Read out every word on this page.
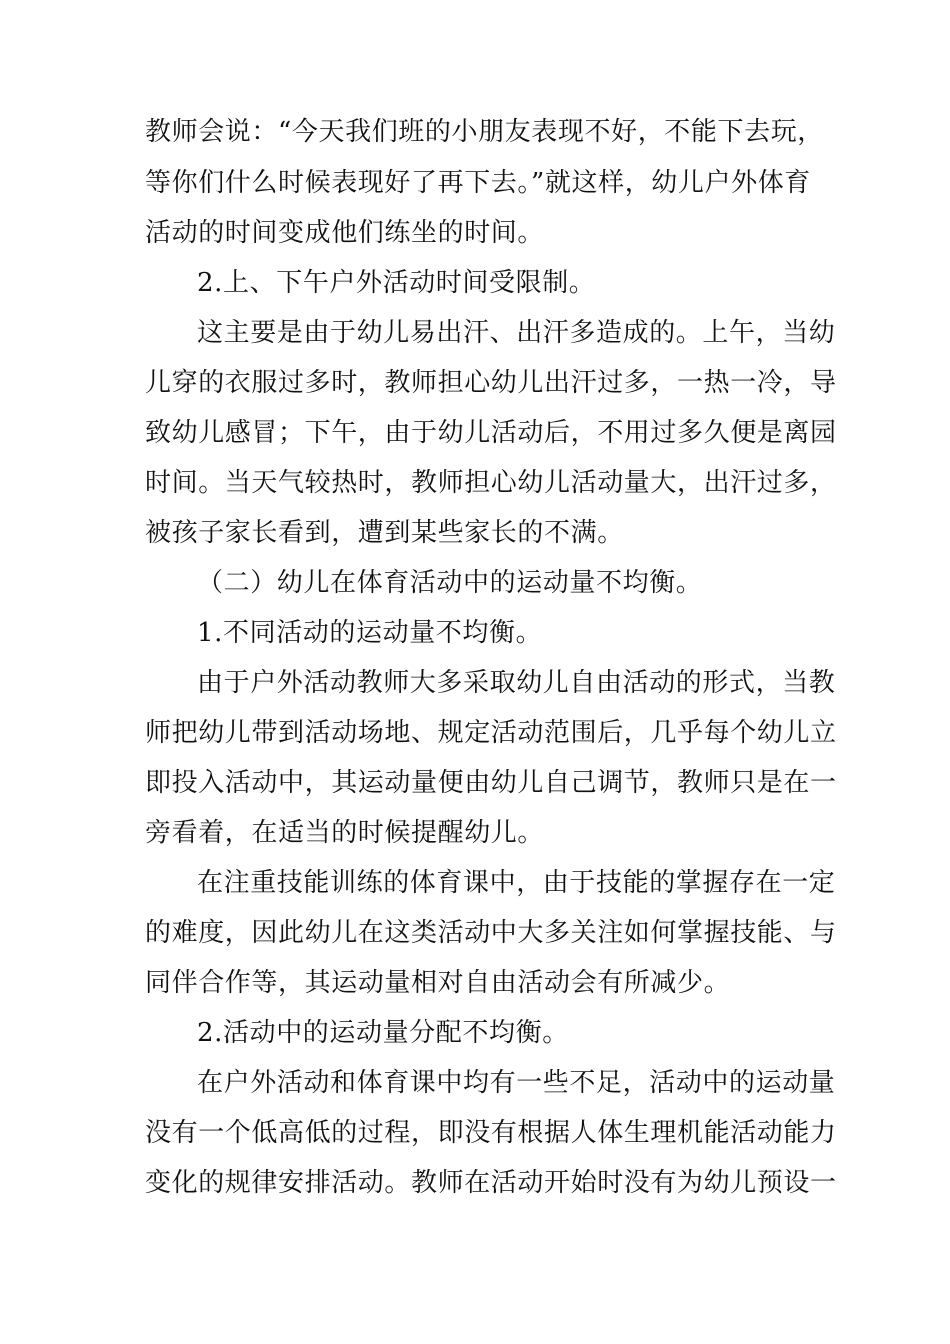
教师会说：“今天我们班的小朋友表现不好，不能下去玩，
等你们什么时候表现好了再下去。”就这样，幼儿户外体育
活动的时间变成他们练坐的时间。
2.上、下午户外活动时间受限制。
这主要是由于幼儿易出汗、出汗多造成的。上午，当幼
儿穿的衣服过多时，教师担心幼儿出汗过多，一热一冷，导
致幼儿感冒；下午，由于幼儿活动后，不用过多久便是离园
时间。当天气较热时，教师担心幼儿活动量大，出汗过多，
被孩子家长看到，遭到某些家长的不满。
（二）幼儿在体育活动中的运动量不均衡。
1.不同活动的运动量不均衡。
由于户外活动教师大多采取幼儿自由活动的形式，当教
师把幼儿带到活动场地、规定活动范围后，几乎每个幼儿立
即投入活动中，其运动量便由幼儿自己调节，教师只是在一
旁看着，在适当的时候提醒幼儿。
在注重技能训练的体育课中，由于技能的掌握存在一定
的难度，因此幼儿在这类活动中大多关注如何掌握技能、与
同伴合作等，其运动量相对自由活动会有所减少。
2.活动中的运动量分配不均衡。
在户外活动和体育课中均有一些不足，活动中的运动量
没有一个低高低的过程，即没有根据人体生理机能活动能力
变化的规律安排活动。教师在活动开始时没有为幼儿预设一
